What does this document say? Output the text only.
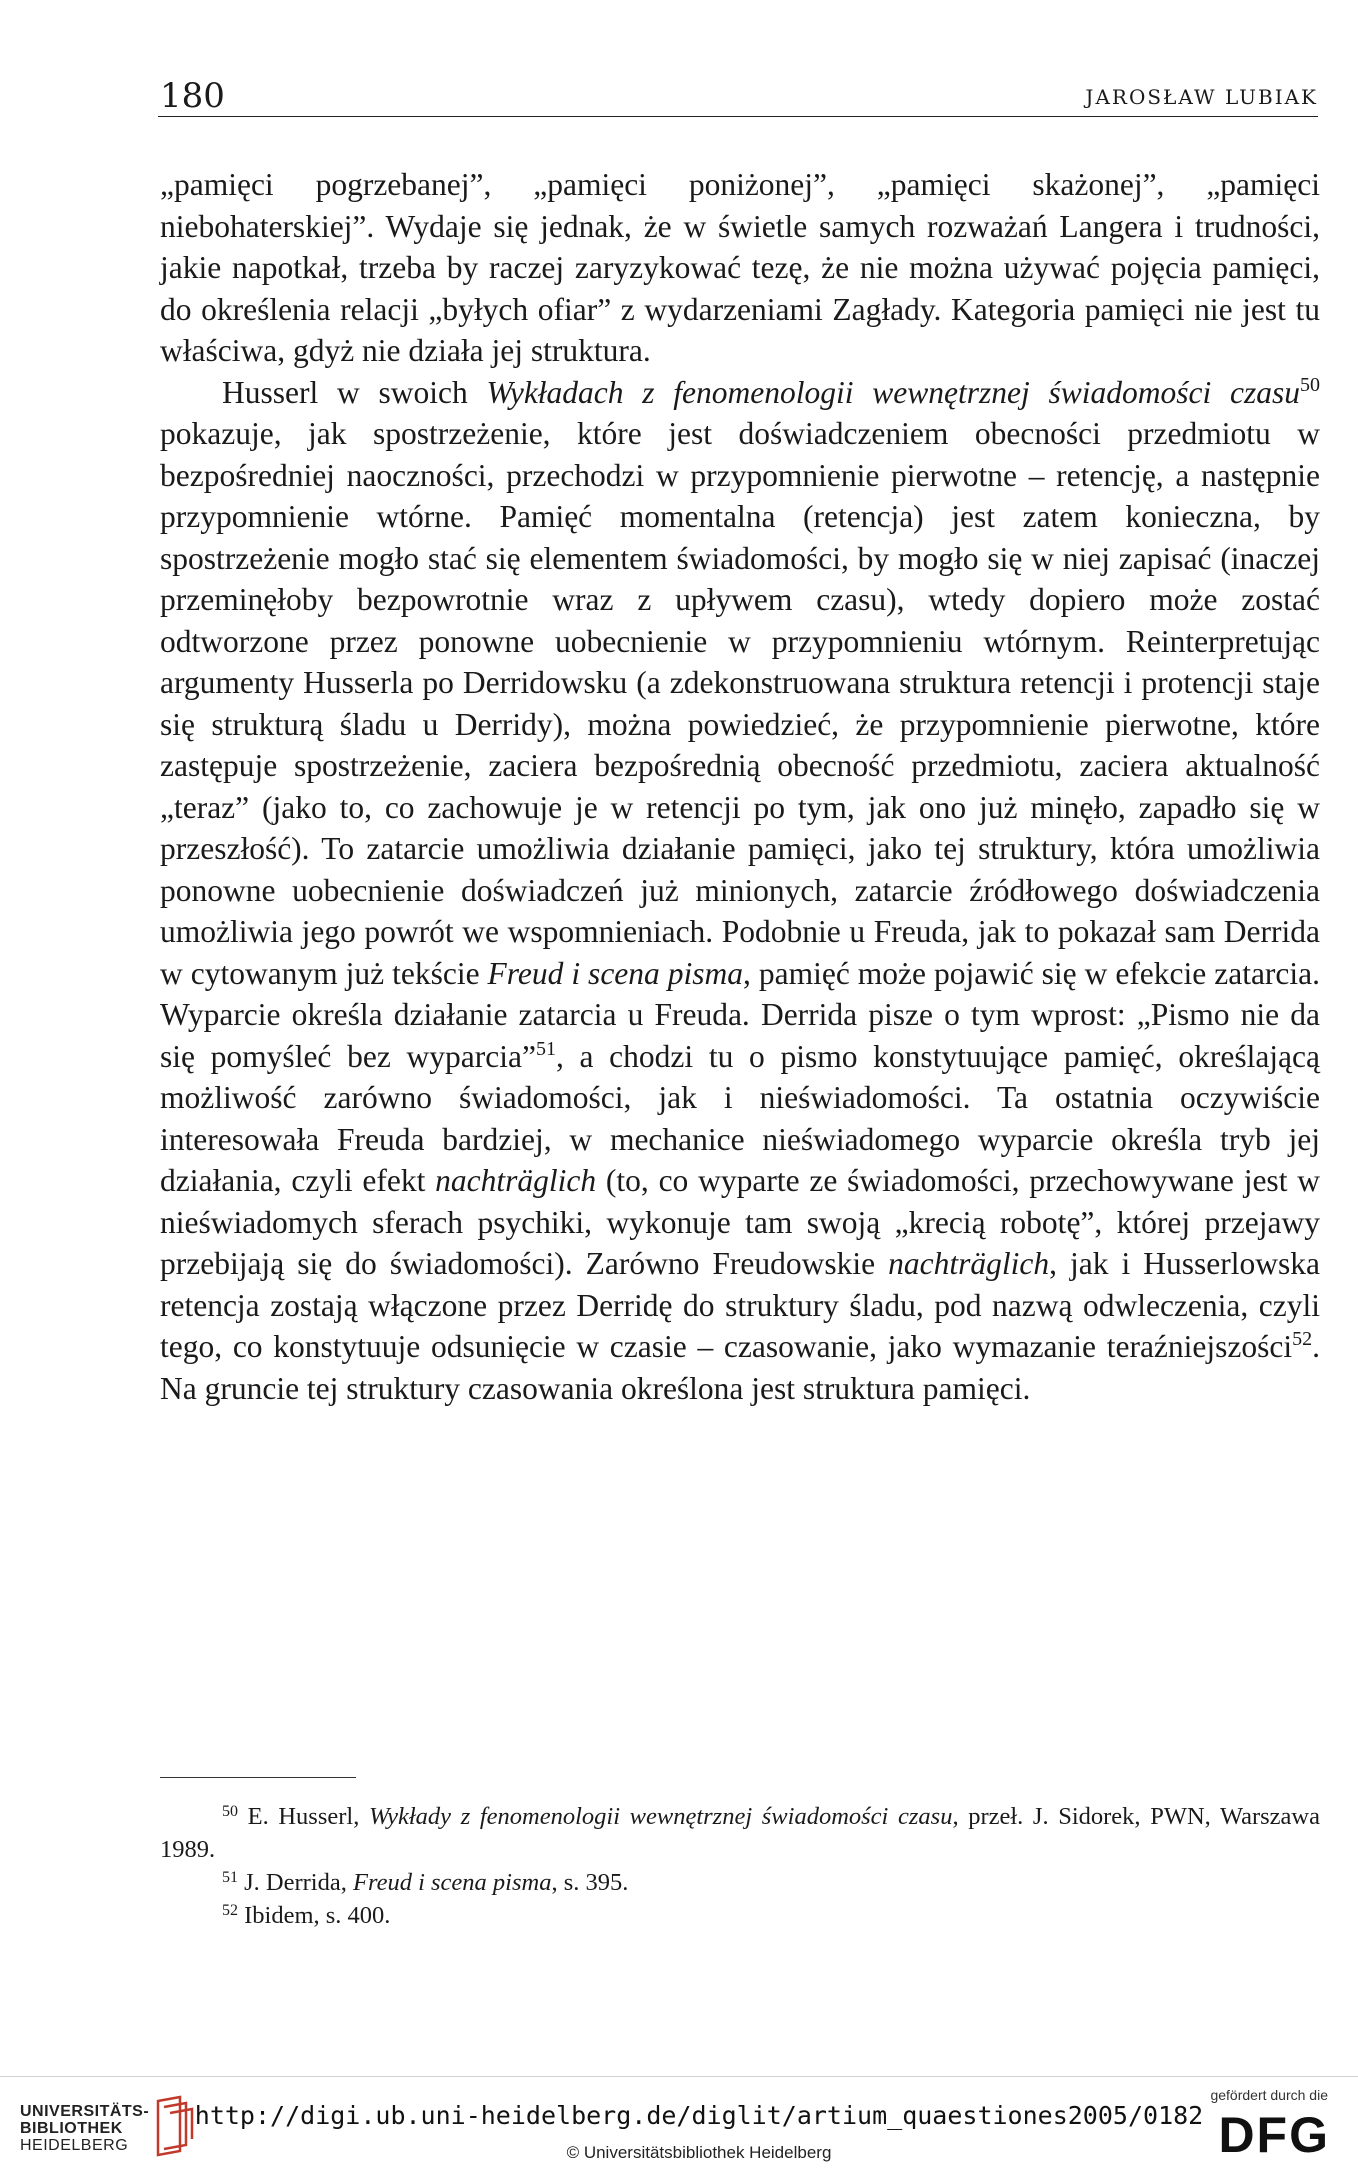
180	JAROSŁAW LUBIAK

„pamięci pogrzebanej”, „pamięci poniżonej”, „pamięci skażonej”, „pamięci niebohaterskiej”. Wydaje się jednak, że w świetle samych rozważań Langera i trudności, jakie napotkał, trzeba by raczej zaryzykować tezę, że nie można używać pojęcia pamięci, do określenia relacji „byłych ofiar” z wydarzeniami Zagłady. Kategoria pamięci nie jest tu właściwa, gdyż nie działa jej struktura.

Husserl w swoich Wykładach z fenomenologii wewnętrznej świadomości czasu$^{50}$ pokazuje, jak spostrzeżenie, które jest doświadczeniem obecności przedmiotu w bezpośredniej naoczności, przechodzi w przypomnienie pierwotne – retencję, a następnie przypomnienie wtórne. Pamięć momentalna (retencja) jest zatem konieczna, by spostrzeżenie mogło stać się elementem świadomości, by mogło się w niej zapisać (inaczej przeminęłoby bezpowrotnie wraz z upływem czasu), wtedy dopiero może zostać odtworzone przez ponowne uobecnienie w przypomnieniu wtórnym. Reinterpretując argumenty Husserla po Derridowsku (a zdekonstruowana struktura retencji i protencji staje się strukturą śladu u Derridy), można powiedzieć, że przypomnienie pierwotne, które zastępuje spostrzeżenie, zaciera bezpośrednią obecność przedmiotu, zaciera aktualność „teraz” (jako to, co zachowuje je w retencji po tym, jak ono już minęło, zapadło się w przeszłość). To zatarcie umożliwia działanie pamięci, jako tej struktury, która umożliwia ponowne uobecnienie doświadczeń już minionych, zatarcie źródłowego doświadczenia umożliwia jego powrót we wspomnieniach. Podobnie u Freuda, jak to pokazał sam Derrida w cytowanym już tekście Freud i scena pisma, pamięć może pojawić się w efekcie zatarcia. Wyparcie określa działanie zatarcia u Freuda. Derrida pisze o tym wprost: „Pismo nie da się pomyśleć bez wyparcia”$^{51}$, a chodzi tu o pismo konstytuujące pamięć, określającą możliwość zarówno świadomości, jak i nieświadomości. Ta ostatnia oczywiście interesowała Freuda bardziej, w mechanice nieświadomego wyparcie określa tryb jej działania, czyli efekt nachträglich (to, co wyparte ze świadomości, przechowywane jest w nieświadomych sferach psychiki, wykonuje tam swoją „krecią robotę”, której przejawy przebijają się do świadomości). Zarówno Freudowskie nachträglich, jak i Husserlowska retencja zostają włączone przez Derridę do struktury śladu, pod nazwą odwleczenia, czyli tego, co konstytuuje odsunięcie w czasie – czasowanie, jako wymazanie teraźniejszości$^{52}$. Na gruncie tej struktury czasowania określona jest struktura pamięci.

$^{50}$ E. Husserl, Wykłady z fenomenologii wewnętrznej świadomości czasu, przeł. J. Sidorek, PWN, Warszawa 1989.

$^{51}$ J. Derrida, Freud i scena pisma, s. 395.

$^{52}$ Ibidem, s. 400.

UNIVERSITÄTS-
BIBLIOTHEK
HEIDELBERG
http://digi.ub.uni-heidelberg.de/diglit/artium_quaestiones2005/0182
© Universitätsbibliothek Heidelberg
gefördert durch die
DFG
